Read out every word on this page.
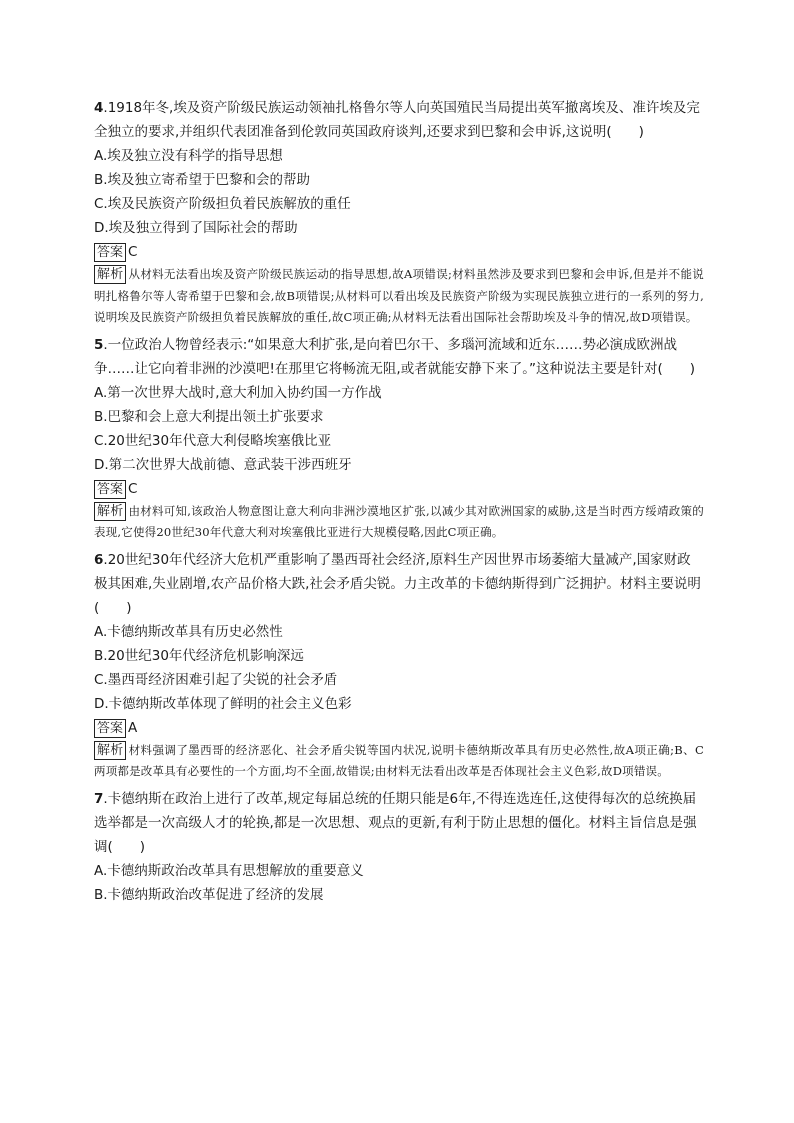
4.1918年冬,埃及资产阶级民族运动领袖扎格鲁尔等人向英国殖民当局提出英军撤离埃及、准许埃及完全独立的要求,并组织代表团准备到伦敦同英国政府谈判,还要求到巴黎和会申诉,这说明(　　)

A.埃及独立没有科学的指导思想

B.埃及独立寄希望于巴黎和会的帮助

C.埃及民族资产阶级担负着民族解放的重任

D.埃及独立得到了国际社会的帮助

答案 C

解析 从材料无法看出埃及资产阶级民族运动的指导思想,故A项错误;材料虽然涉及要求到巴黎和会申诉,但是并不能说明扎格鲁尔等人寄希望于巴黎和会,故B项错误;从材料可以看出埃及民族资产阶级为实现民族独立进行的一系列的努力,说明埃及民族资产阶级担负着民族解放的重任,故C项正确;从材料无法看出国际社会帮助埃及斗争的情况,故D项错误。

5.一位政治人物曾经表示:“如果意大利扩张,是向着巴尔干、多瑙河流域和近东……势必演成欧洲战争……让它向着非洲的沙漠吧!在那里它将畅流无阻,或者就能安静下来了。”这种说法主要是针对(　　)

A.第一次世界大战时,意大利加入协约国一方作战

B.巴黎和会上意大利提出领土扩张要求

C.20世纪30年代意大利侵略埃塞俄比亚

D.第二次世界大战前德、意武装干涉西班牙

答案 C

解析 由材料可知,该政治人物意图让意大利向非洲沙漠地区扩张,以减少其对欧洲国家的威胁,这是当时西方绥靖政策的表现,它使得20世纪30年代意大利对埃塞俄比亚进行大规模侵略,因此C项正确。

6.20世纪30年代经济大危机严重影响了墨西哥社会经济,原料生产因世界市场萎缩大量减产,国家财政极其困难,失业剧增,农产品价格大跌,社会矛盾尖锐。力主改革的卡德纳斯得到广泛拥护。材料主要说明(　　)

A.卡德纳斯改革具有历史必然性

B.20世纪30年代经济危机影响深远

C.墨西哥经济困难引起了尖锐的社会矛盾

D.卡德纳斯改革体现了鲜明的社会主义色彩

答案 A

解析 材料强调了墨西哥的经济恶化、社会矛盾尖锐等国内状况,说明卡德纳斯改革具有历史必然性,故A项正确;B、C两项都是改革具有必要性的一个方面,均不全面,故错误;由材料无法看出改革是否体现社会主义色彩,故D项错误。

7.卡德纳斯在政治上进行了改革,规定每届总统的任期只能是6年,不得连选连任,这使得每次的总统换届选举都是一次高级人才的轮换,都是一次思想、观点的更新,有利于防止思想的僵化。材料主旨信息是强调(　　)

A.卡德纳斯政治改革具有思想解放的重要意义

B.卡德纳斯政治改革促进了经济的发展
